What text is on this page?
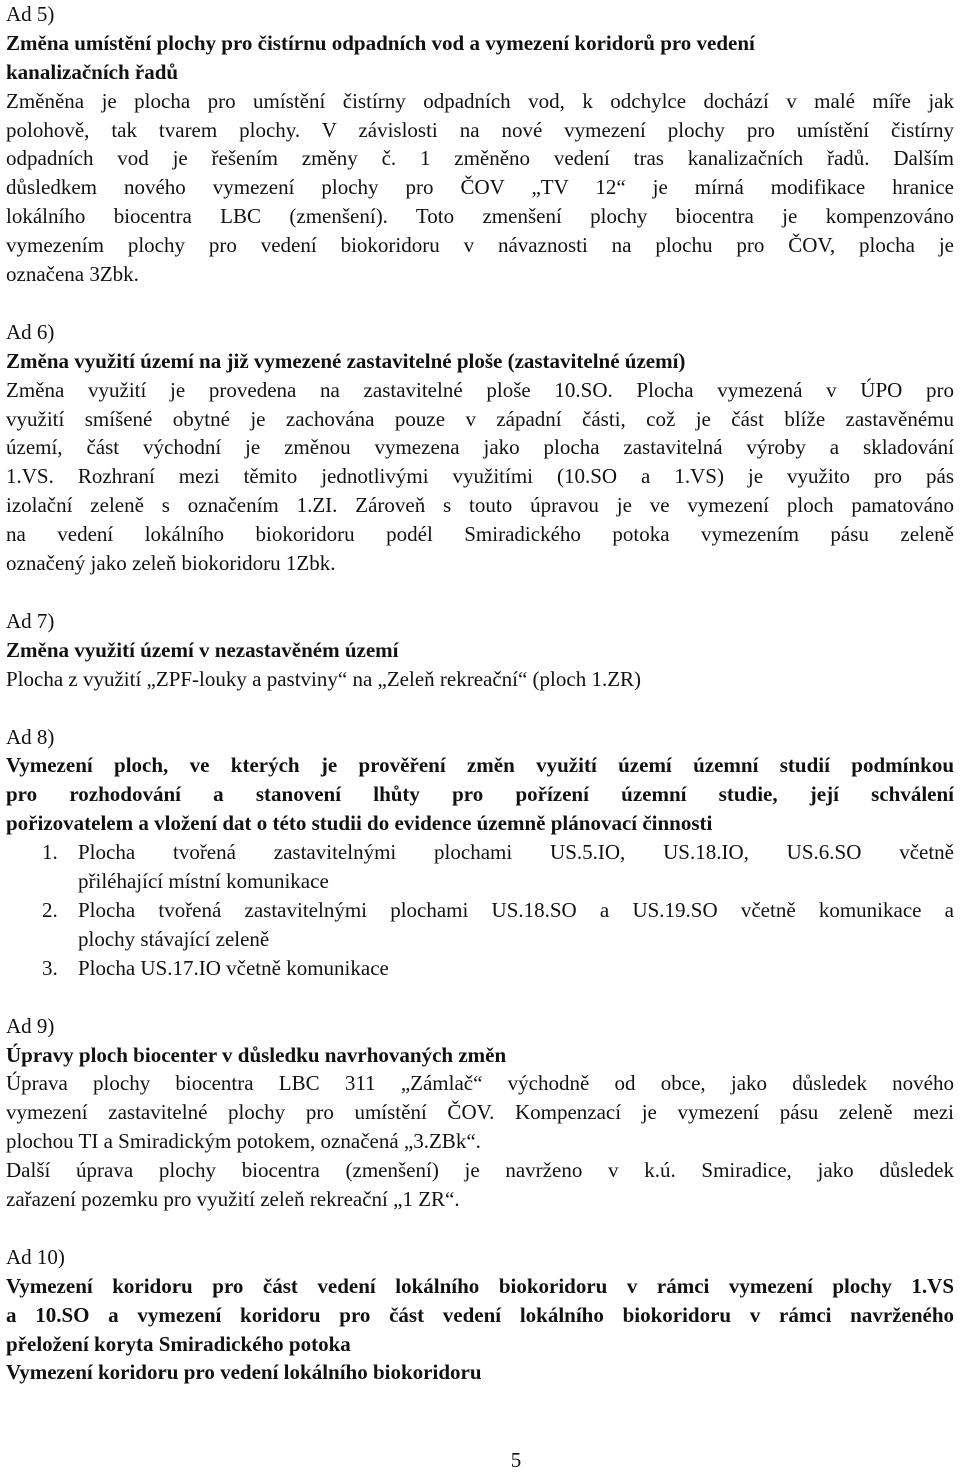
Ad 5)
Změna umístění plochy pro čistírnu odpadních vod a vymezení koridorů pro vedení
kanalizačních řadů
Změněna je plocha pro umístění čistírny odpadních vod, k odchylce dochází v malé míře jak
polohově, tak tvarem plochy. V závislosti na nové vymezení plochy pro umístění čistírny
odpadních vod je řešením změny č. 1 změněno vedení tras kanalizačních řadů. Dalším
důsledkem nového vymezení plochy pro ČOV „TV 12“ je mírná modifikace hranice
lokálního biocentra LBC (zmenšení). Toto zmenšení plochy biocentra je kompenzováno
vymezením plochy pro vedení biokoridoru v návaznosti na plochu pro ČOV, plocha je
označena 3Zbk.
Ad 6)
Změna využití území na již vymezené zastavitelné ploše (zastavitelné území)
Změna využití je provedena na zastavitelné ploše 10.SO. Plocha vymezená v ÚPO pro
využití smíšené obytné je zachována pouze v západní části, což je část blíže zastavěnému
území, část východní je změnou vymezena jako plocha zastavitelná výroby a skladování
1.VS. Rozhraní mezi těmito jednotlivými využitími (10.SO a 1.VS) je využito pro pás
izolační zeleně s označením 1.ZI. Zároveň s touto úpravou je ve vymezení ploch pamatováno
na vedení lokálního biokoridoru podél Smiradického potoka vymezením pásu zeleně
označený jako zeleň biokoridoru 1Zbk.
Ad 7)
Změna využití území v nezastavěném území
Plocha z využití „ZPF-louky a pastviny“ na „Zeleň rekreační“ (ploch 1.ZR)
Ad 8)
Vymezení ploch, ve kterých je prověření změn využití území územní studií podmínkou
pro rozhodování a stanovení lhůty pro pořízení územní studie, její schválení
pořizovatelem a vložení dat o této studii do evidence územně plánovací činnosti
1. Plocha tvořená zastavitelnými plochami US.5.IO, US.18.IO, US.6.SO včetně
přiléhající místní komunikace
2. Plocha tvořená zastavitelnými plochami US.18.SO a US.19.SO včetně komunikace a
plochy stávající zeleně
3. Plocha US.17.IO včetně komunikace
Ad 9)
Úpravy ploch biocenter v důsledku navrhovaných změn
Úprava plochy biocentra LBC 311 „Zámlač“ východně od obce, jako důsledek nového
vymezení zastavitelné plochy pro umístění ČOV. Kompenzací je vymezení pásu zeleně mezi
plochou TI a Smiradickým potokem, označená „3.ZBk“.
Další úprava plochy biocentra (zmenšení) je navrženo v k.ú. Smiradice, jako důsledek
zařazení pozemku pro využití zeleň rekreační „1 ZR“.
Ad 10)
Vymezení koridoru pro část vedení lokálního biokoridoru v rámci vymezení plochy 1.VS
a 10.SO a vymezení koridoru pro část vedení lokálního biokoridoru v rámci navrženého
přeložení koryta Smiradického potoka
Vymezení koridoru pro vedení lokálního biokoridoru
5
